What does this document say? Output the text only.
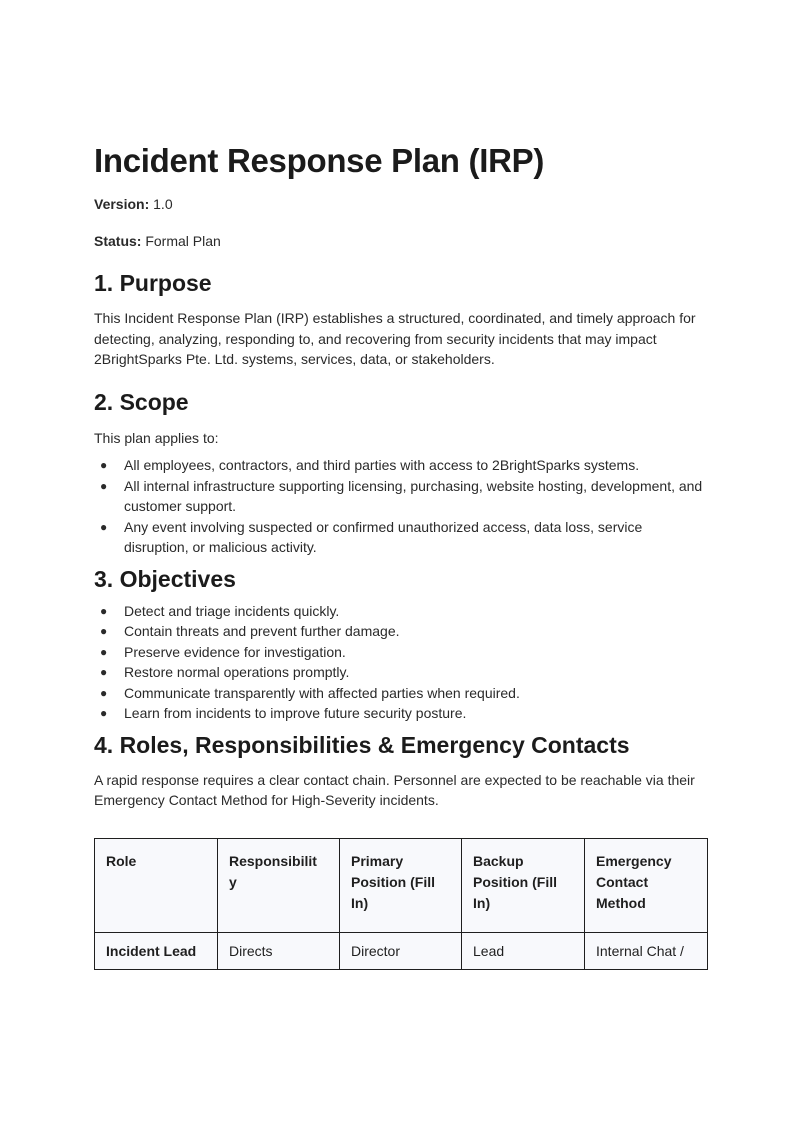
Incident Response Plan (IRP)

Version: 1.0

Status: Formal Plan

1. Purpose

This Incident Response Plan (IRP) establishes a structured, coordinated, and timely approach for detecting, analyzing, responding to, and recovering from security incidents that may impact 2BrightSparks Pte. Ltd. systems, services, data, or stakeholders.

2. Scope

This plan applies to:

● All employees, contractors, and third parties with access to 2BrightSparks systems.
● All internal infrastructure supporting licensing, purchasing, website hosting, development, and customer support.
● Any event involving suspected or confirmed unauthorized access, data loss, service disruption, or malicious activity.
3. Objectives
● Detect and triage incidents quickly.
● Contain threats and prevent further damage.
● Preserve evidence for investigation.
● Restore normal operations promptly.
● Communicate transparently with affected parties when required.
● Learn from incidents to improve future security posture.
4. Roles, Responsibilities & Emergency Contacts

A rapid response requires a clear contact chain. Personnel are expected to be reachable via their Emergency Contact Method for High-Severity incidents.

Role	Responsibilit y	Primary Position (Fill In)	Backup Position (Fill In)	Emergency Contact Method
Incident Lead	Directs	Director	Lead	Internal Chat /
